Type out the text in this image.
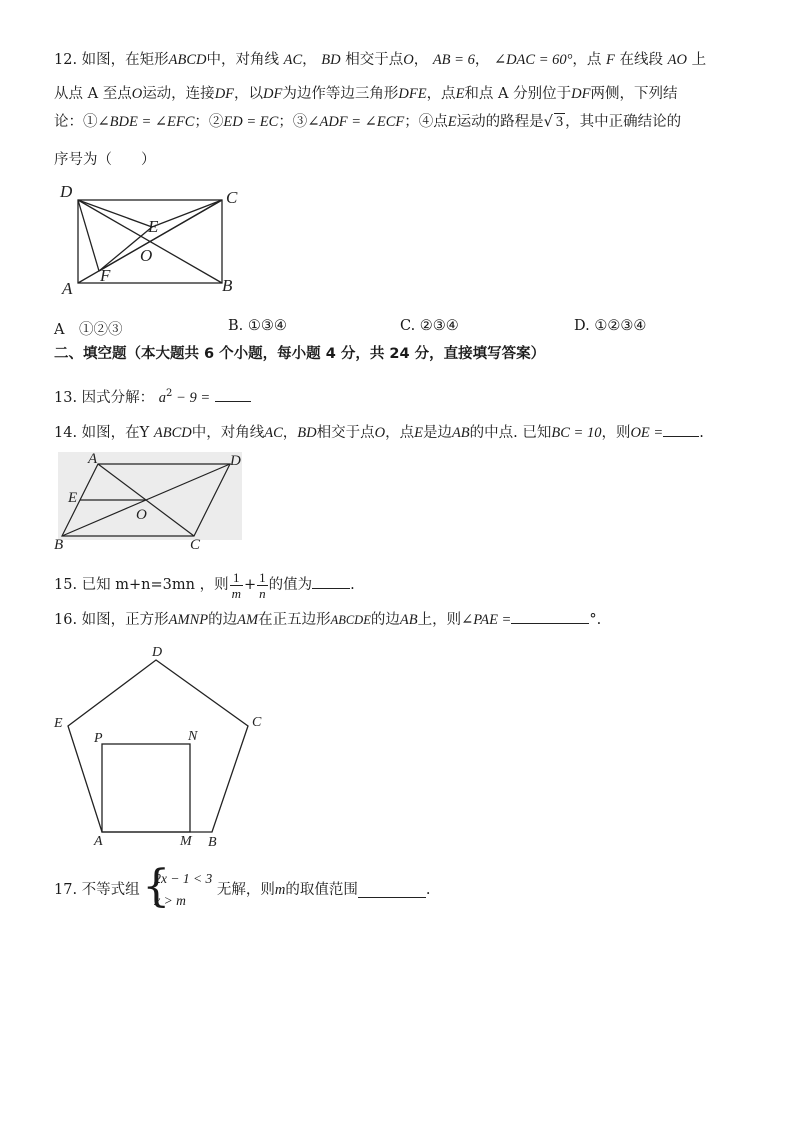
12. 如图，在矩形ABCD中，对角线 AC， BD 相交于点O， AB = 6， ∠DAC = 60°，点 F 在线段 AO 上
从点 A 至点O运动，连接DF，以DF为边作等边三角形DFE，点E和点 A 分别位于DF两侧，下列结
论：①∠BDE = ∠EFC；②ED = EC；③∠ADF = ∠ECF；④点E运动的路程是√ 3 ，其中正确结论的
序号为（　　）
D	C
E
O
F
A	B
A　①②③	B. ①③④	C. ②③④	D. ①②③④
二、填空题（本大题共 6 个小题，每小题 4 分，共 24 分，直接填写答案）
13. 因式分解： $a^2 - 9$ =
14. 如图，在Y ABCD中，对角线AC，BD相交于点O，点E是边AB的中点. 已知BC = 10，则OE = .
A	D
E
O
B	C
15. 已知 m+n=3mn ，则 $\frac{1}{m} + \frac{1}{n}$ 的值为	.
16. 如图，正方形AMNP的边AM在正五边形ABCDE的边AB上，则∠PAE =	°.
D
E	C
P	N
A	M B
17. 不等式组
{ 2x − 1 < 3
x > m
无解，则m的取值范围	.
